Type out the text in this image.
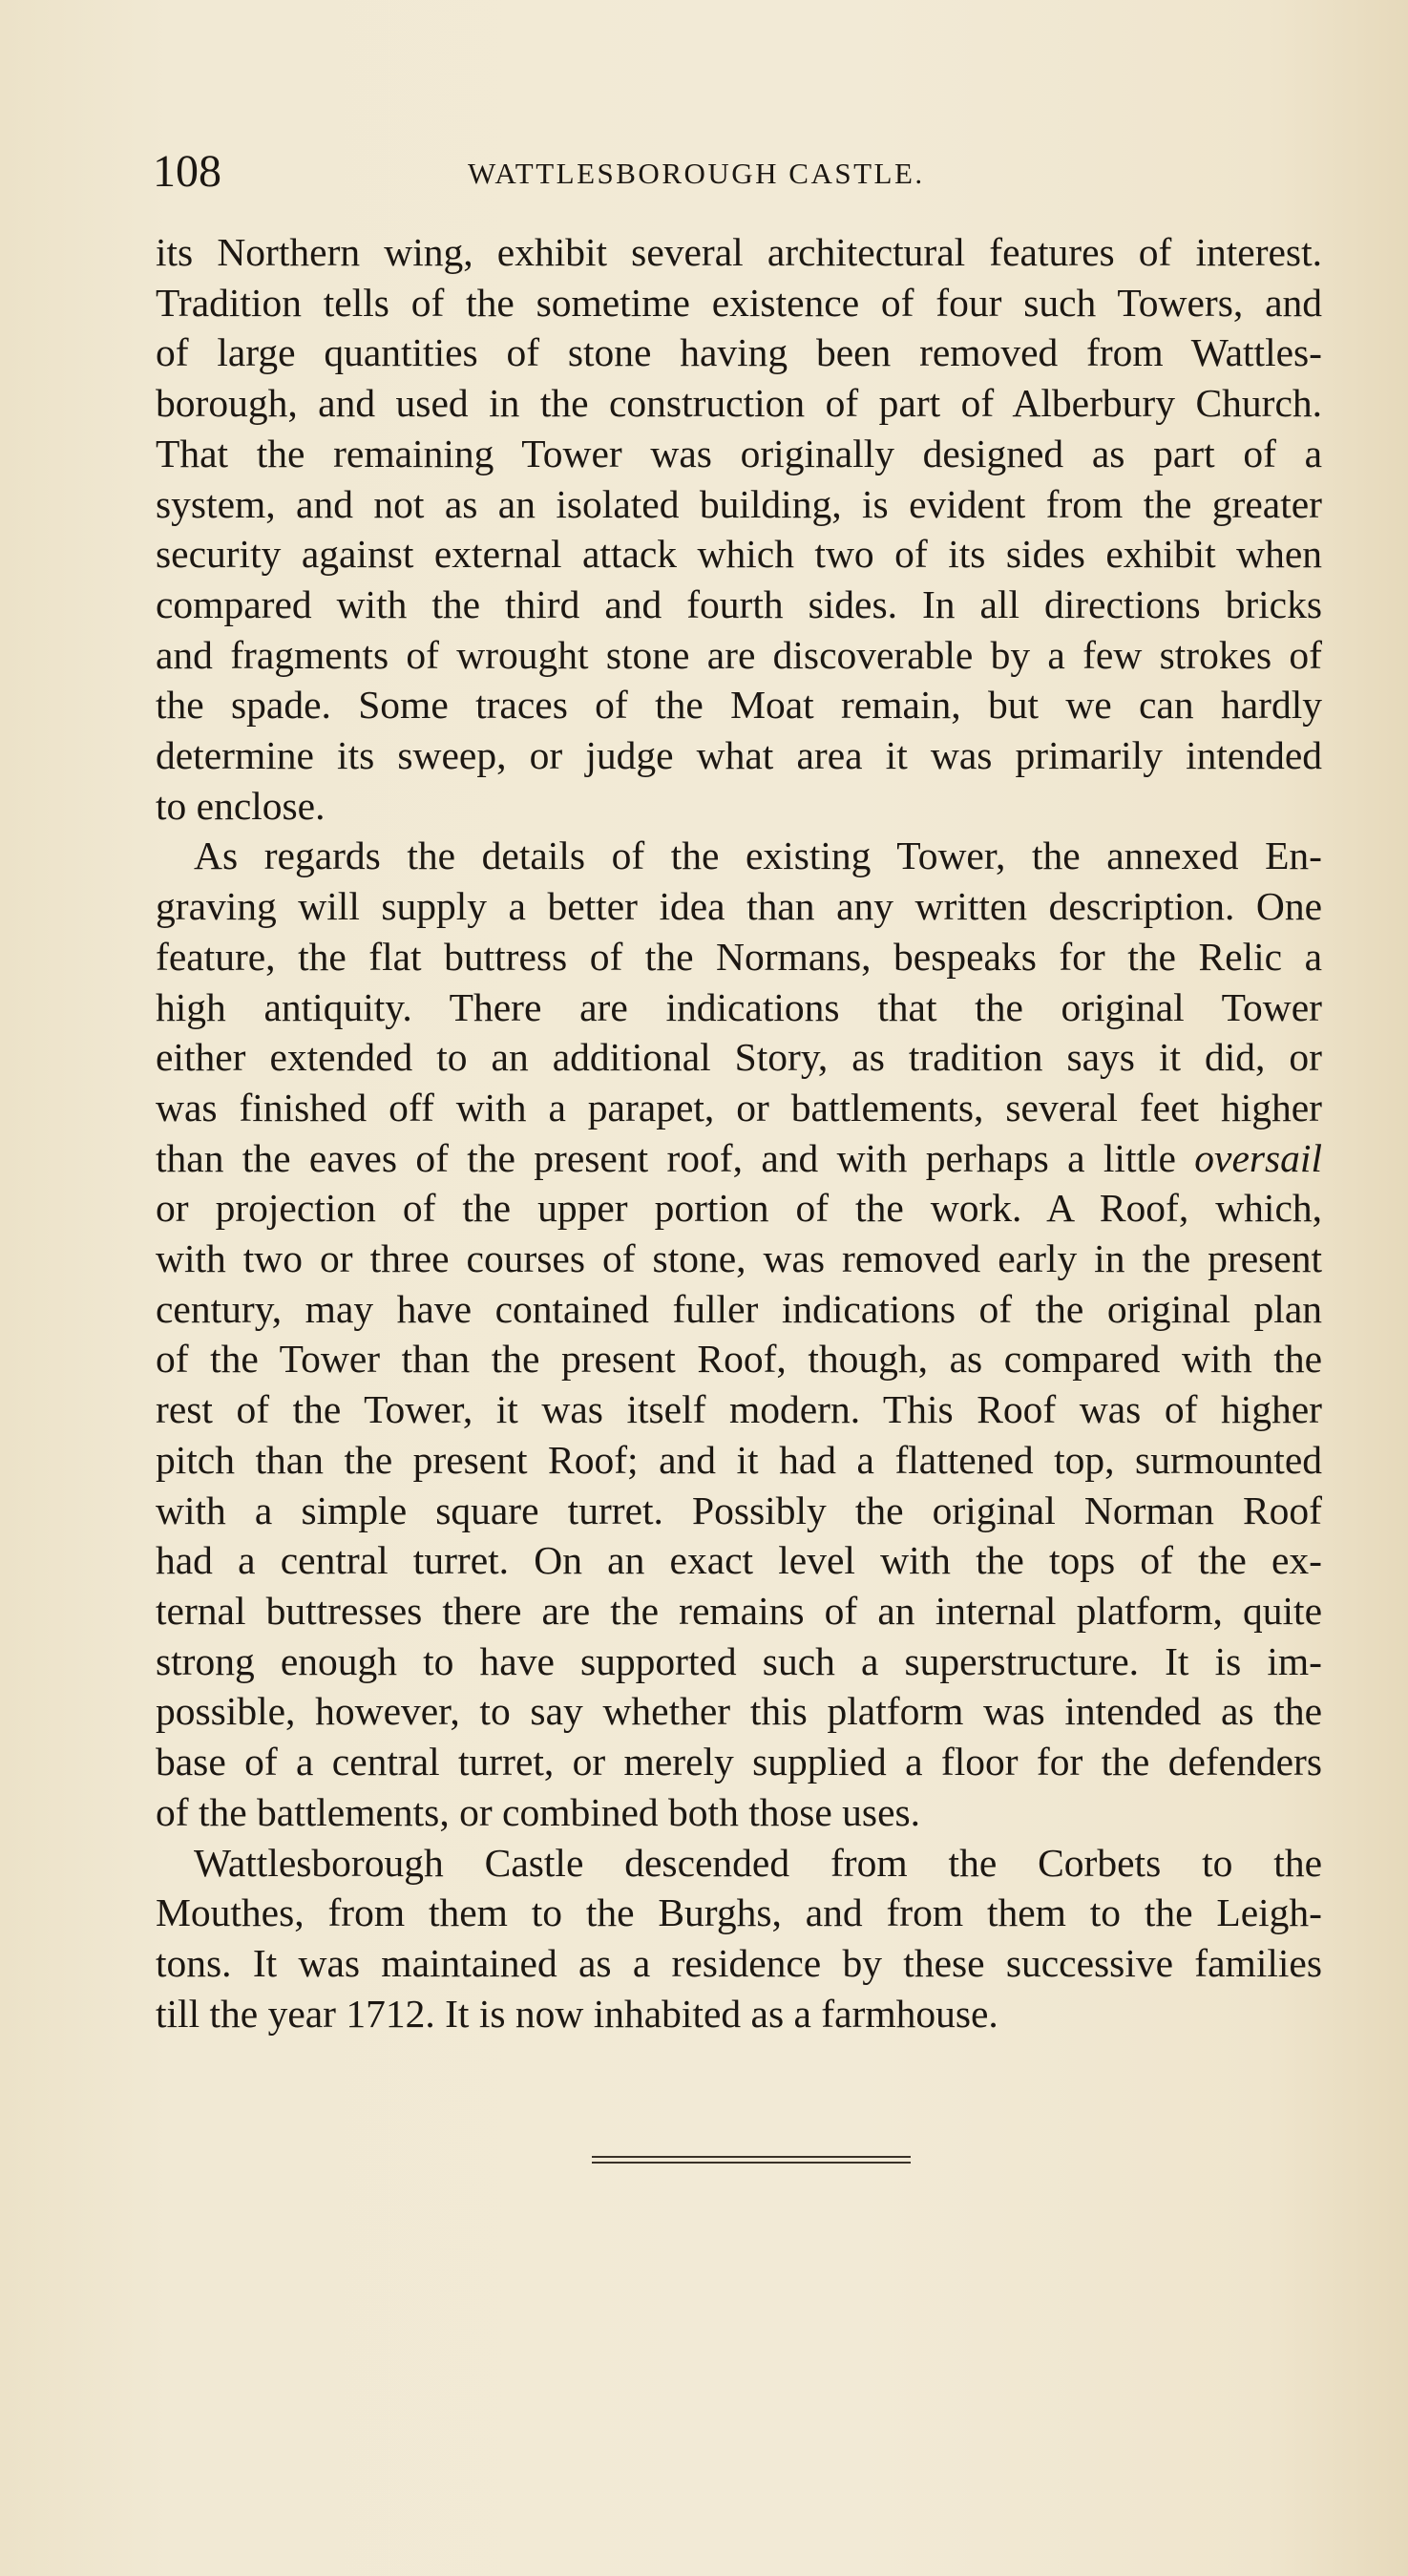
108	WATTLESBOROUGH CASTLE.

its Northern wing, exhibit several architectural features of interest.
Tradition tells of the sometime existence of four such Towers, and
of large quantities of stone having been removed from Wattles-
borough, and used in the construction of part of Alberbury Church.
That the remaining Tower was originally designed as part of a
system, and not as an isolated building, is evident from the greater
security against external attack which two of its sides exhibit when
compared with the third and fourth sides. In all directions bricks
and fragments of wrought stone are discoverable by a few strokes of
the spade. Some traces of the Moat remain, but we can hardly
determine its sweep, or judge what area it was primarily intended
to enclose.

As regards the details of the existing Tower, the annexed En-
graving will supply a better idea than any written description. One
feature, the flat buttress of the Normans, bespeaks for the Relic a
high antiquity. There are indications that the original Tower
either extended to an additional Story, as tradition says it did, or
was finished off with a parapet, or battlements, several feet higher
than the eaves of the present roof, and with perhaps a little oversail
or projection of the upper portion of the work. A Roof, which,
with two or three courses of stone, was removed early in the present
century, may have contained fuller indications of the original plan
of the Tower than the present Roof, though, as compared with the
rest of the Tower, it was itself modern. This Roof was of higher
pitch than the present Roof; and it had a flattened top, surmounted
with a simple square turret. Possibly the original Norman Roof
had a central turret. On an exact level with the tops of the ex-
ternal buttresses there are the remains of an internal platform, quite
strong enough to have supported such a superstructure. It is im-
possible, however, to say whether this platform was intended as the
base of a central turret, or merely supplied a floor for the defenders
of the battlements, or combined both those uses.

Wattlesborough Castle descended from the Corbets to the
Mouthes, from them to the Burghs, and from them to the Leigh-
tons. It was maintained as a residence by these successive families
till the year 1712. It is now inhabited as a farmhouse.
